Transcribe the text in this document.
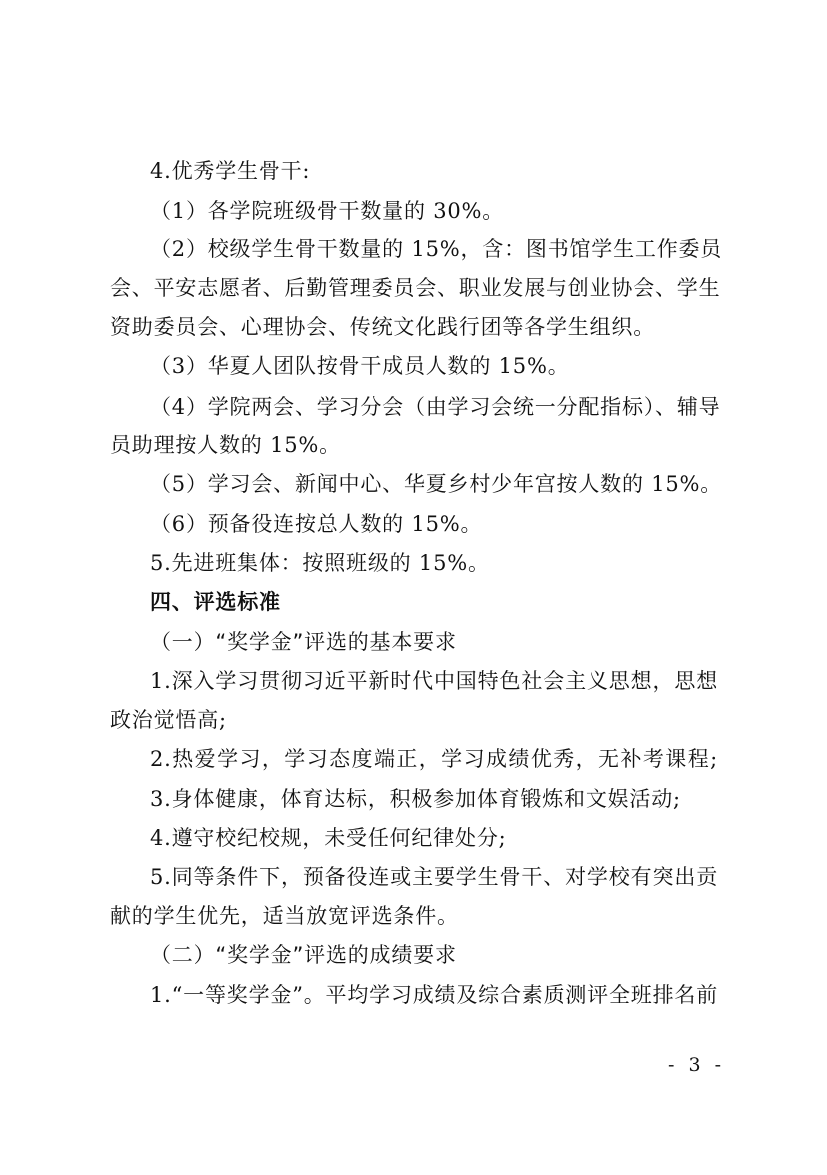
4.优秀学生骨干:
（1）各学院班级骨干数量的 30%。
（2）校级学生骨干数量的 15%，含：图书馆学生工作委员
会、平安志愿者、后勤管理委员会、职业发展与创业协会、学生
资助委员会、心理协会、传统文化践行团等各学生组织。
（3）华夏人团队按骨干成员人数的 15%。
（4）学院两会、学习分会（由学习会统一分配指标）、辅导
员助理按人数的 15%。
（5）学习会、新闻中心、华夏乡村少年宫按人数的 15%。
（6）预备役连按总人数的 15%。
5.先进班集体：按照班级的 15%。
四、评选标准
（一）“奖学金”评选的基本要求
1.深入学习贯彻习近平新时代中国特色社会主义思想，思想
政治觉悟高;
2.热爱学习，学习态度端正，学习成绩优秀，无补考课程;
3.身体健康，体育达标，积极参加体育锻炼和文娱活动;
4.遵守校纪校规，未受任何纪律处分;
5.同等条件下，预备役连或主要学生骨干、对学校有突出贡
献的学生优先，适当放宽评选条件。
（二）“奖学金”评选的成绩要求
1.“一等奖学金”。平均学习成绩及综合素质测评全班排名前
- 3 -
